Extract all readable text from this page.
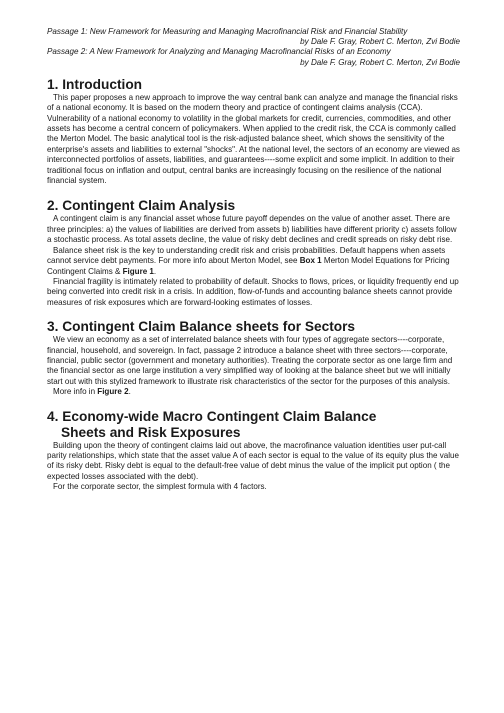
Passage 1: New Framework for Measuring and Managing Macrofinancial Risk and Financial Stability
by Dale F. Gray, Robert C. Merton, Zvi Bodie
Passage 2: A New Framework for Analyzing and Managing Macrofinancial Risks of an Economy
by Dale F. Gray, Robert C. Merton, Zvi Bodie
1. Introduction

This paper proposes a new approach to improve the way central bank can analyze and manage the financial risks of a national economy. It is based on the modern theory and practice of contingent claims analysis (CCA). Vulnerability of a national economy to volatility in the global markets for credit, currencies, commodities, and other assets has become a central concern of policymakers. When applied to the credit risk, the CCA is commonly called the Merton Model. The basic analytical tool is the risk-adjusted balance sheet, which shows the sensitivity of the enterprise's assets and liabilities to external "shocks". At the national level, the sectors of an economy are viewed as interconnected portfolios of assets, liabilities, and guarantees----some explicit and some implicit. In addition to their traditional focus on inflation and output, central banks are increasingly focusing on the resilience of the national financial system.

2. Contingent Claim Analysis

A contingent claim is any financial asset whose future payoff dependes on the value of another asset. There are three principles: a) the values of liabilities are derived from assets b) liabilities have different priority c) assets follow a stochastic process. As total assets decline, the value of risky debt declines and credit spreads on risky debt rise.

Balance sheet risk is the key to understanding credit risk and crisis probabilities. Default happens when assets cannot service debt payments. For more info about Merton Model, see Box 1 Merton Model Equations for Pricing Contingent Claims & Figure 1.

Financial fragility is intimately related to probability of default. Shocks to flows, prices, or liquidity frequently end up being converted into credit risk in a crisis. In addition, flow-of-funds and accounting balance sheets cannot provide measures of risk exposures which are forward-looking estimates of losses.

3. Contingent Claim Balance sheets for Sectors

We view an economy as a set of interrelated balance sheets with four types of aggregate sectors----corporate, financial, household, and sovereign. In fact, passage 2 introduce a balance sheet with three sectors----corporate, financial, public sector (government and monetary authorities). Treating the corporate sector as one large firm and the financial sector as one large institution a very simplified way of looking at the balance sheet but we will initially start out with this stylized framework to illustrate risk characteristics of the sector for the purposes of this analysis.

More info in Figure 2.

4. Economy-wide Macro Contingent Claim Balance
Sheets and Risk Exposures

Building upon the theory of contingent claims laid out above, the macrofinance valuation identities user put-call parity relationships, which state that the asset value A of each sector is equal to the value of its equity plus the value of its risky debt. Risky debt is equal to the default-free value of debt minus the value of the implicit put option ( the expected losses associated with the debt).

For the corporate sector, the simplest formula with 4 factors.
